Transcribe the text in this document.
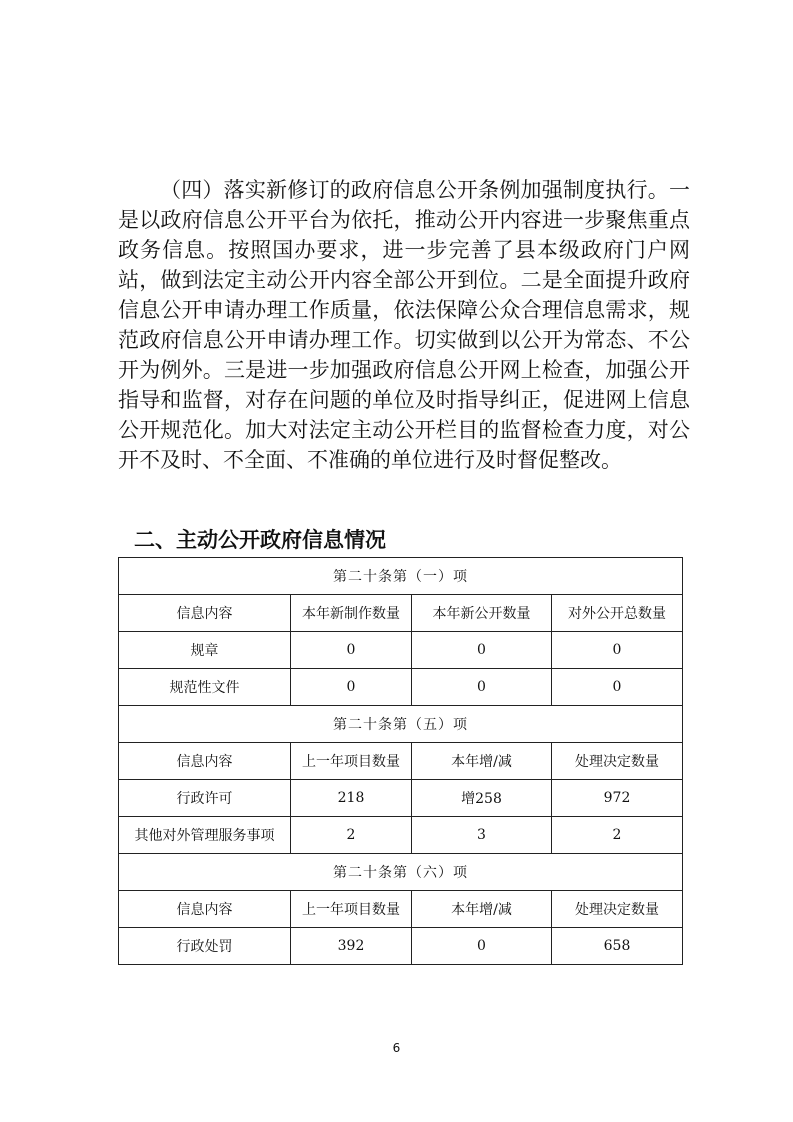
（四）落实新修订的政府信息公开条例加强制度执行。一是以政府信息公开平台为依托，推动公开内容进一步聚焦重点政务信息。按照国办要求，进一步完善了县本级政府门户网站，做到法定主动公开内容全部公开到位。二是全面提升政府信息公开申请办理工作质量，依法保障公众合理信息需求，规范政府信息公开申请办理工作。切实做到以公开为常态、不公开为例外。三是进一步加强政府信息公开网上检查，加强公开指导和监督，对存在问题的单位及时指导纠正，促进网上信息公开规范化。加大对法定主动公开栏目的监督检查力度，对公开不及时、不全面、不准确的单位进行及时督促整改。

二、主动公开政府信息情况
第二十条第（一）项			
信息内容	本年新制作数量	本年新公开数量	对外公开总数量
规章	0	0	0
规范性文件	0	0	0
第二十条第（五）项			
信息内容	上一年项目数量	本年增/减	处理决定数量
行政许可	218	增258	972
其他对外管理服务事项	2	3	2
第二十条第（六）项			
信息内容	上一年项目数量	本年增/减	处理决定数量
行政处罚	392	0	658
6
